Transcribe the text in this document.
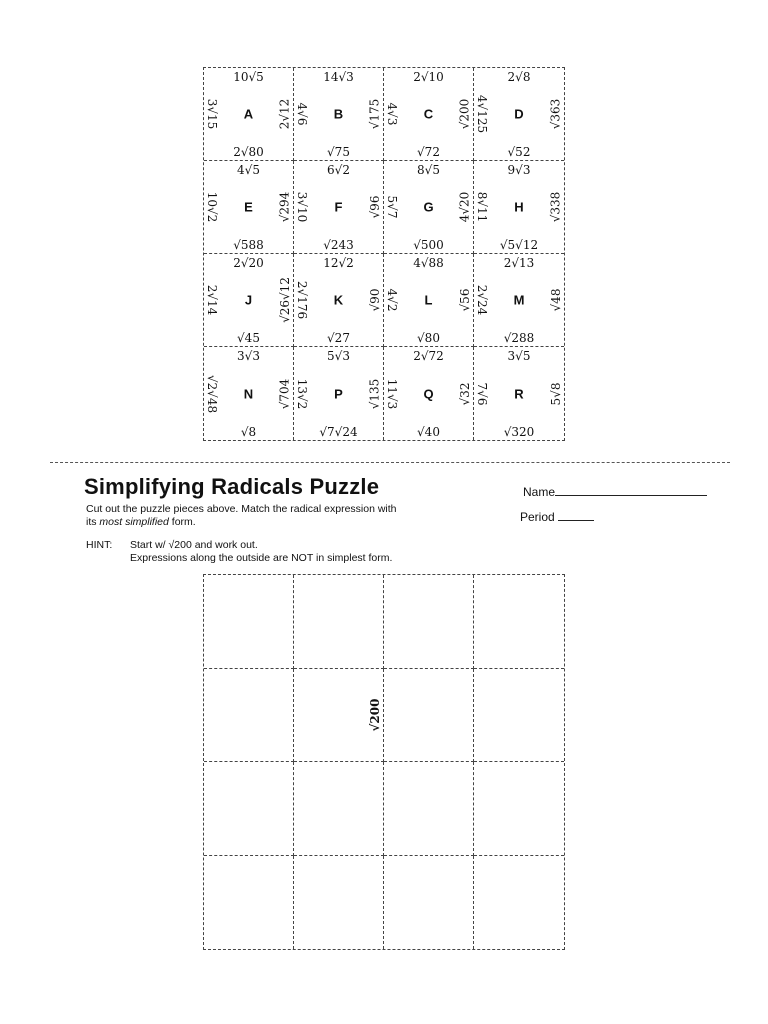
10√5
2√80
3√15	2√12
A
14√3
√75
4√6	√175
B
2√10
√72
4√3	√200
C
2√8
√52
4√125	√363
D
4√5
√588
10√2	√294
E
6√2
√243
3√10	√96
F
8√5
√500
5√7	4√20
G
9√3
√5√12
8√11	√338
H
2√20
√45
2√14	√26√12
J
12√2
√27
2√176	√90
K
4√88
√80
4√2	√56
L
2√13
√288
2√24	√48
M
3√3
√8
√2√48	√704
N
5√3
√7√24
13√2	√135
P
2√72
√40
11√3	√32
Q
3√5
√320
7√6	5√8
R
Simplifying Radicals Puzzle
Cut out the puzzle pieces above. Match the radical expression with
its most simplified form.
HINT: Start w/ √200 and work out.
Expressions along the outside are NOT in simplest form.
Name
Period
√200
